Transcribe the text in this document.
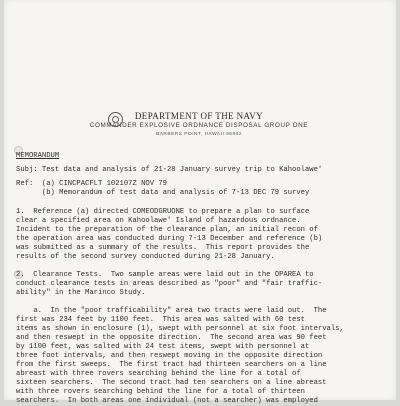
DEPARTMENT OF THE NAVY
COMMANDER EXPLOSIVE ORDNANCE DISPOSAL GROUP ONE
BARBERS POINT, HAWAII 96862
MEMORANDUM
Subj: Test data and analysis of 21-28 January survey trip to Kahoolawe'
Ref:  (a) CINCPACFLT 102107Z NOV 79
(b) Memorandum of test data and analysis of 7-13 DEC 79 survey
1.  Reference (a) directed COMEODGRUONE to prepare a plan to surface
clear a specified area on Kahoolawe' Island of hazardous ordnance.
Incident to the preparation of the clearance plan, an initial recon of
the operation area was conducted during 7-13 December and reference (b)
was submitted as a summary of the results.  This report provides the
results of the second survey conducted during 21-28 January.
2.  Clearance Tests.  Two sample areas were laid out in the OPAREA to
conduct clearance tests in areas described as "poor" and "fair traffic-
ability" in the Marinco Study.
a.  In the "poor trafficability" area two tracts were laid out.  The
first was 234 feet by 1100 feet.  This area was salted with 60 test
items as shown in enclosure (1), swept with personnel at six foot intervals,
and then reswept in the opposite direction.  The second area was 90 feet
by 1100 feet, was salted with 24 test items, swept with personnel at
three foot intervals, and then reswept moving in the opposite direction
from the first sweeps.  The first tract had thirteen searchers on a line
abreast with three rovers searching behind the line for a total of
sixteen searchers.  The second tract had ten searchers on a line abreast
with three rovers searching behind the line for a total of thirteen
searchers.  In both areas one individual (not a searcher) was employed
